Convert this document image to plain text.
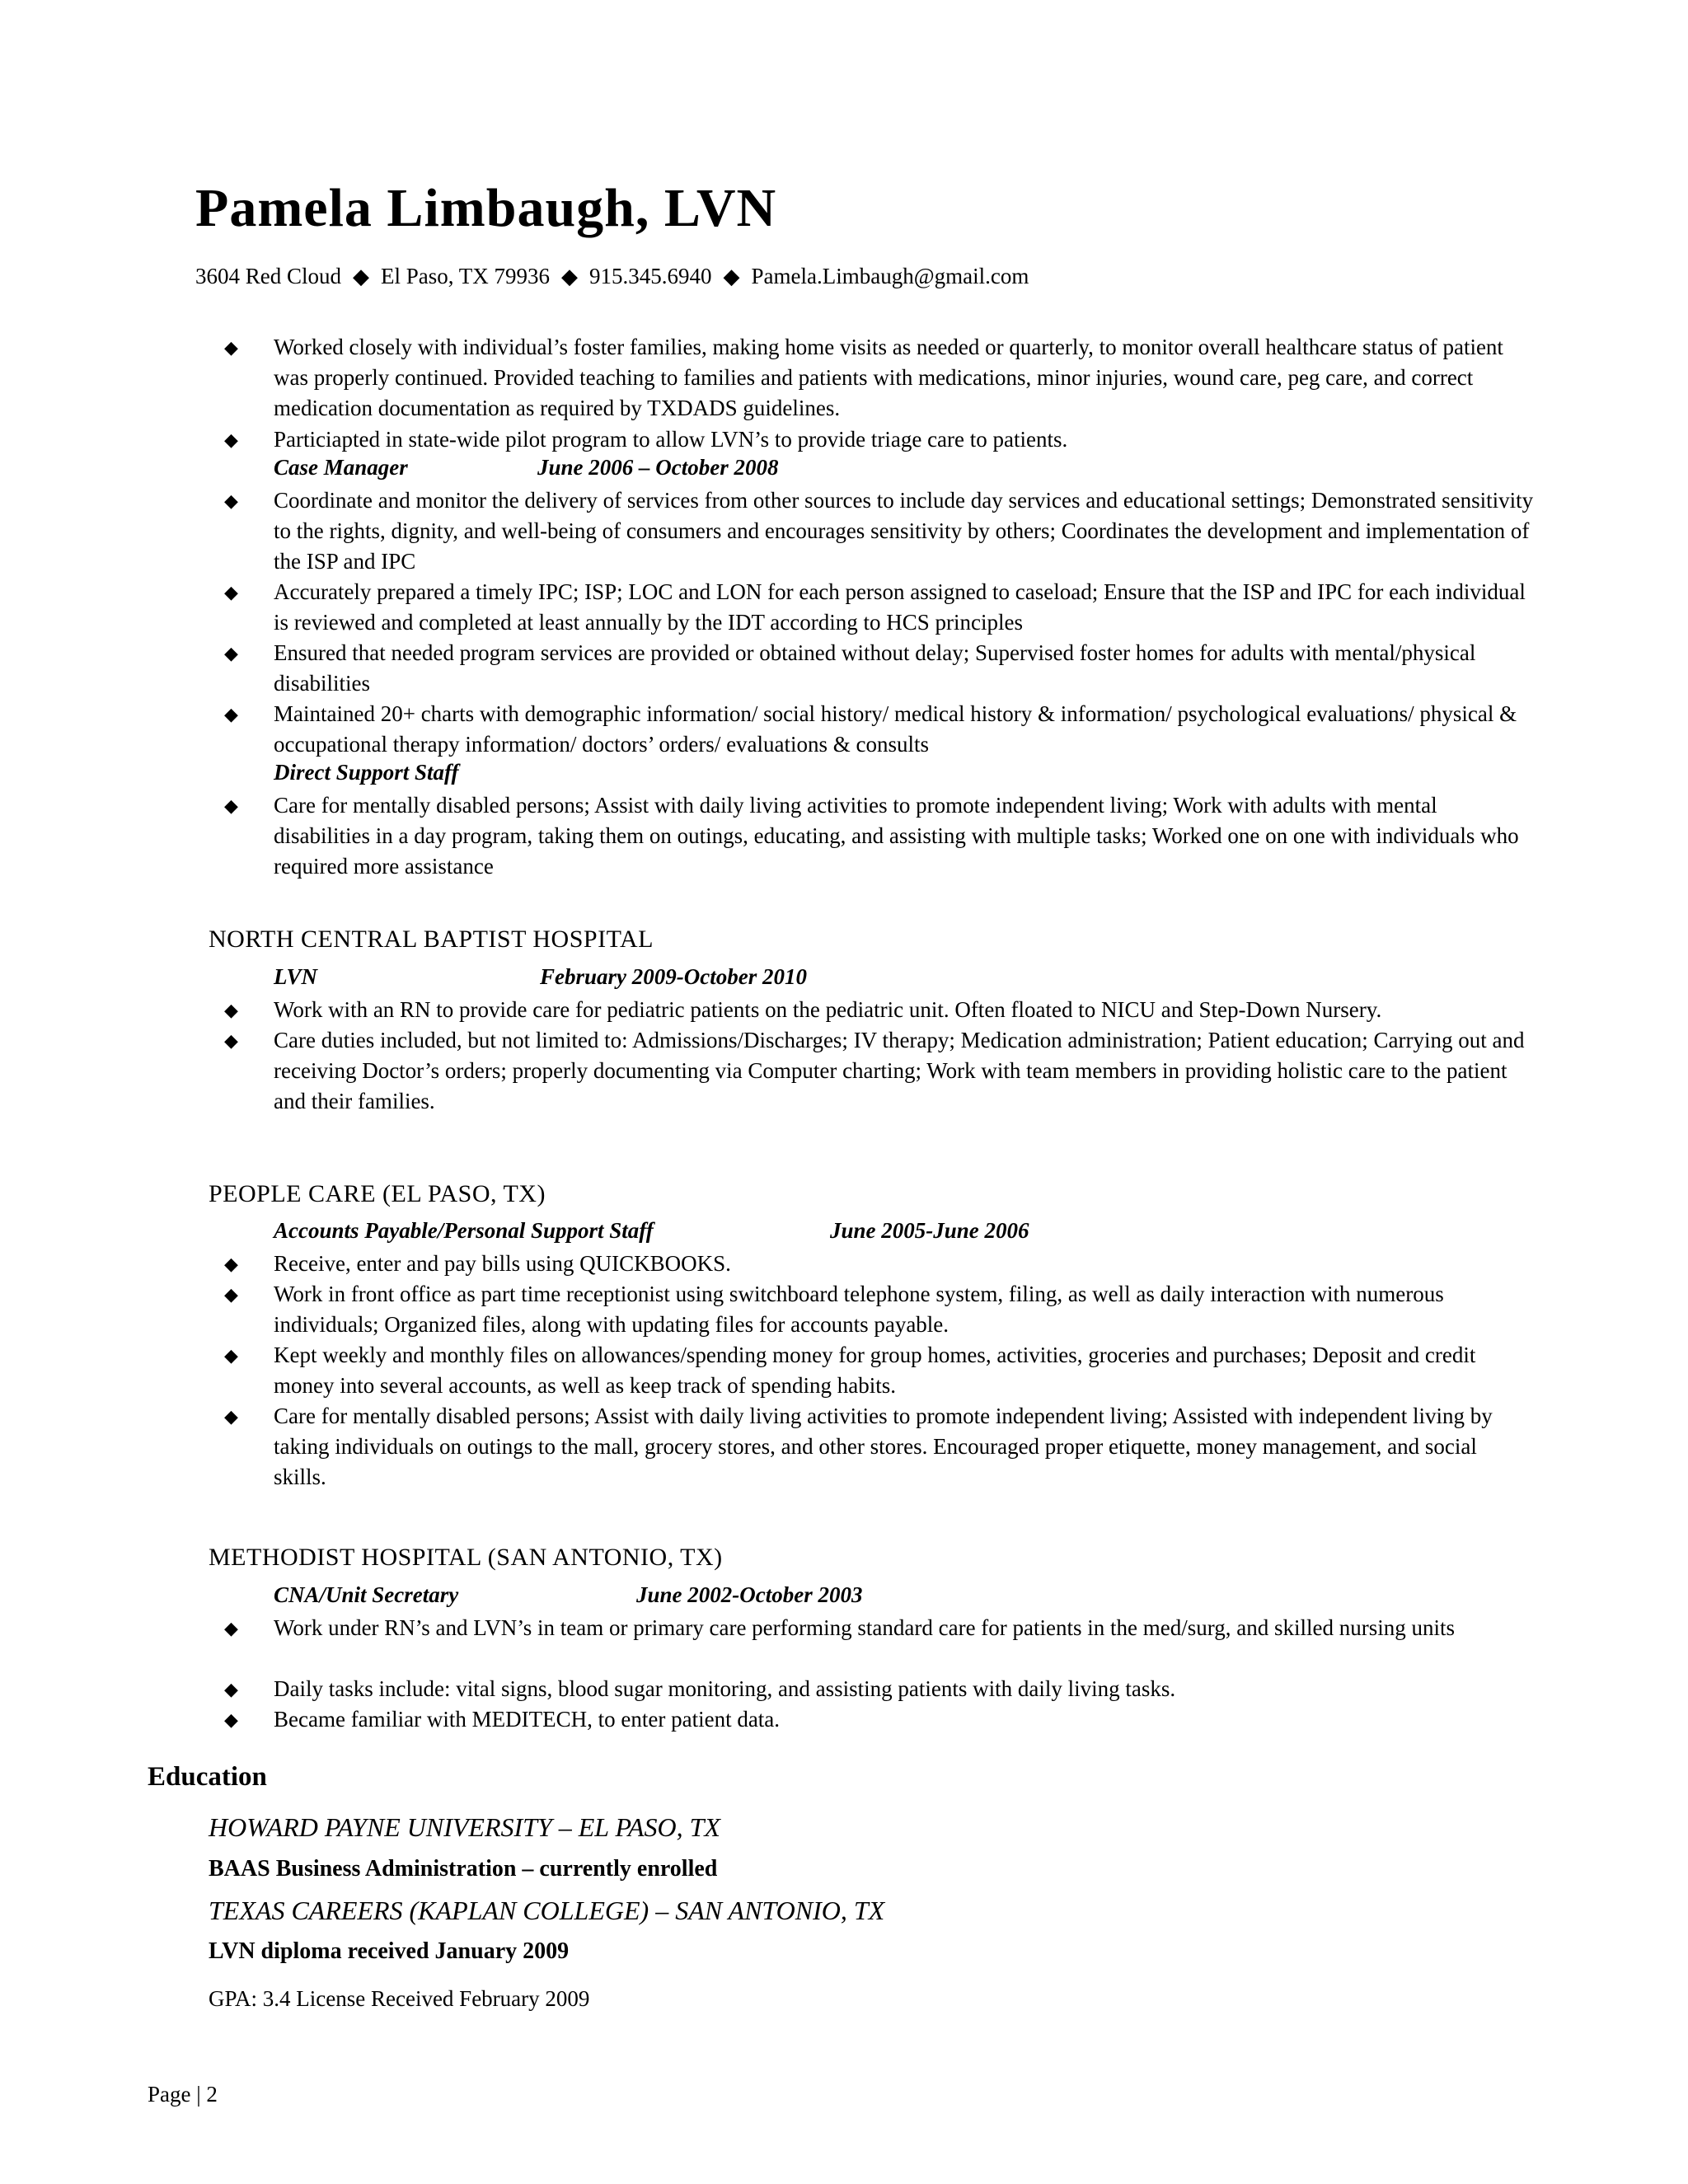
Pamela Limbaugh, LVN
3604 Red Cloud ◆ El Paso, TX 79936 ◆ 915.345.6940 ◆ Pamela.Limbaugh@gmail.com
◆ Worked closely with individual’s foster families, making home visits as needed or quarterly, to monitor overall healthcare status of patient was properly continued. Provided teaching to families and patients with medications, minor injuries, wound care, peg care, and correct medication documentation as required by TXDADS guidelines.
◆ Particiapted in state-wide pilot program to allow LVN’s to provide triage care to patients.
Case Manager	June 2006 – October 2008
◆ Coordinate and monitor the delivery of services from other sources to include day services and educational settings; Demonstrated sensitivity to the rights, dignity, and well-being of consumers and encourages sensitivity by others; Coordinates the development and implementation of the ISP and IPC
◆ Accurately prepared a timely IPC; ISP; LOC and LON for each person assigned to caseload; Ensure that the ISP and IPC for each individual is reviewed and completed at least annually by the IDT according to HCS principles
◆ Ensured that needed program services are provided or obtained without delay; Supervised foster homes for adults with mental/physical disabilities
◆ Maintained 20+ charts with demographic information/ social history/ medical history & information/ psychological evaluations/ physical & occupational therapy information/ doctors’ orders/ evaluations & consults
Direct Support Staff
◆ Care for mentally disabled persons; Assist with daily living activities to promote independent living; Work with adults with mental disabilities in a day program, taking them on outings, educating, and assisting with multiple tasks; Worked one on one with individuals who required more assistance
NORTH CENTRAL BAPTIST HOSPITAL
LVN	February 2009-October 2010
◆ Work with an RN to provide care for pediatric patients on the pediatric unit. Often floated to NICU and Step-Down Nursery.
◆ Care duties included, but not limited to: Admissions/Discharges; IV therapy; Medication administration; Patient education; Carrying out and receiving Doctor’s orders; properly documenting via Computer charting; Work with team members in providing holistic care to the patient and their families.
PEOPLE CARE (EL PASO, TX)
Accounts Payable/Personal Support Staff	June 2005-June 2006
◆ Receive, enter and pay bills using QUICKBOOKS.
◆ Work in front office as part time receptionist using switchboard telephone system, filing, as well as daily interaction with numerous individuals; Organized files, along with updating files for accounts payable.
◆ Kept weekly and monthly files on allowances/spending money for group homes, activities, groceries and purchases; Deposit and credit money into several accounts, as well as keep track of spending habits.
◆ Care for mentally disabled persons; Assist with daily living activities to promote independent living; Assisted with independent living by taking individuals on outings to the mall, grocery stores, and other stores. Encouraged proper etiquette, money management, and social skills.
METHODIST HOSPITAL (SAN ANTONIO, TX)
CNA/Unit Secretary	June 2002-October 2003
◆ Work under RN’s and LVN’s in team or primary care performing standard care for patients in the med/surg, and skilled nursing units
◆ Daily tasks include: vital signs, blood sugar monitoring, and assisting patients with daily living tasks.
◆ Became familiar with MEDITECH, to enter patient data.
Education
HOWARD PAYNE UNIVERSITY – EL PASO, TX
BAAS Business Administration – currently enrolled
TEXAS CAREERS (KAPLAN COLLEGE) – SAN ANTONIO, TX
LVN diploma received January 2009
GPA: 3.4 License Received February 2009
Page | 2
